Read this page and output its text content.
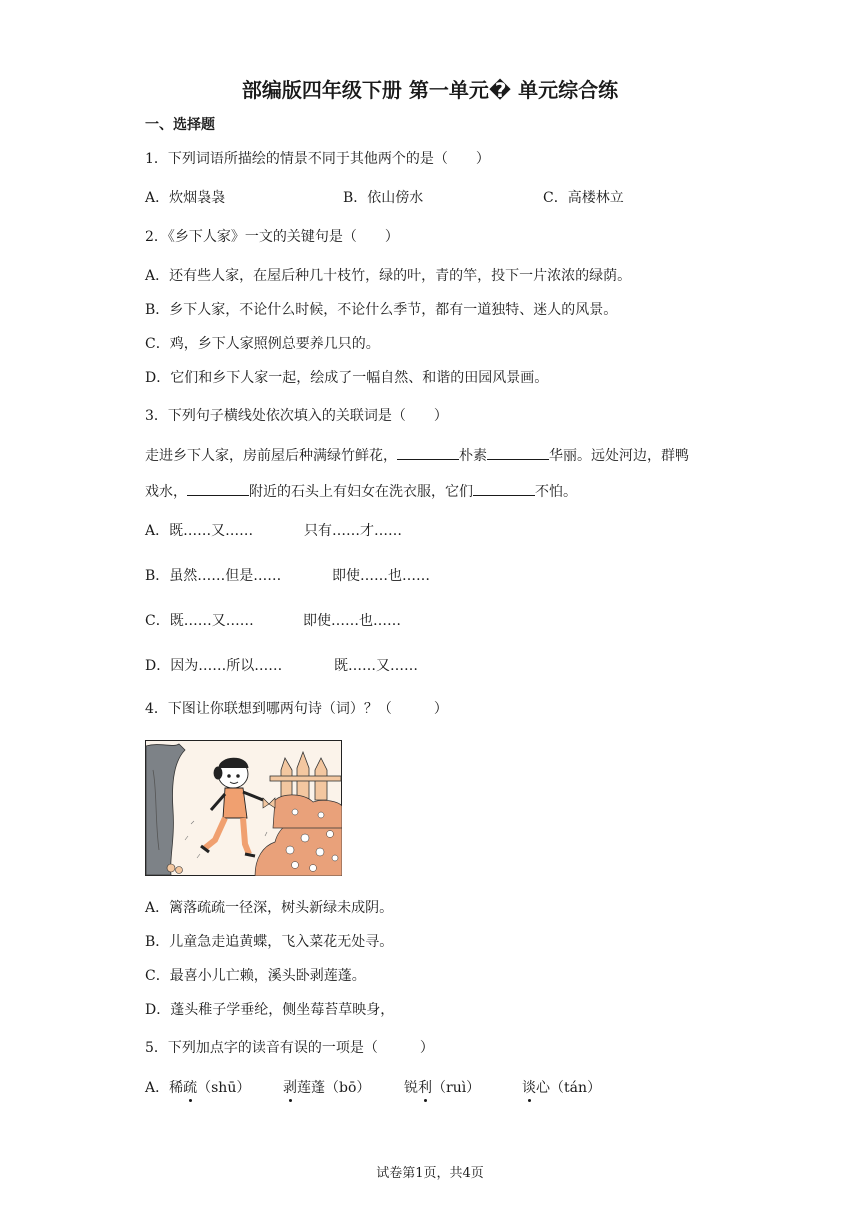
部编版四年级下册 第一单元� 单元综合练
一、选择题
1．下列词语所描绘的情景不同于其他两个的是（　　）
A．炊烟袅袅	B．依山傍水	C．高楼林立
2．《乡下人家》一文的关键句是（　　）
A．还有些人家，在屋后种几十枝竹，绿的叶，青的竿，投下一片浓浓的绿荫。
B．乡下人家，不论什么时候，不论什么季节，都有一道独特、迷人的风景。
C．鸡，乡下人家照例总要养几只的。
D．它们和乡下人家一起，绘成了一幅自然、和谐的田园风景画。
3．下列句子横线处依次填入的关联词是（　　）
走进乡下人家，房前屋后种满绿竹鲜花，	朴素	华丽。远处河边，群鸭
戏水，	附近的石头上有妇女在洗衣服，它们	不怕。
A．既……又……	只有……才……
B．虽然……但是……	即使……也……
C．既……又……	即使……也……
D．因为……所以……	既……又……
4．下图让你联想到哪两句诗（词）？（　　　）
A．篱落疏疏一径深，树头新绿未成阴。
B．儿童急走追黄蝶，飞入菜花无处寻。
C．最喜小儿亡赖，溪头卧剥莲蓬。
D．蓬头稚子学垂纶，侧坐莓苔草映身，
5．下列加点字的读音有误的一项是（　　　）
A．稀疏（shū） 剥莲蓬（bō） 锐利（ruì）	谈心（tán）
试卷第1页，共4页
